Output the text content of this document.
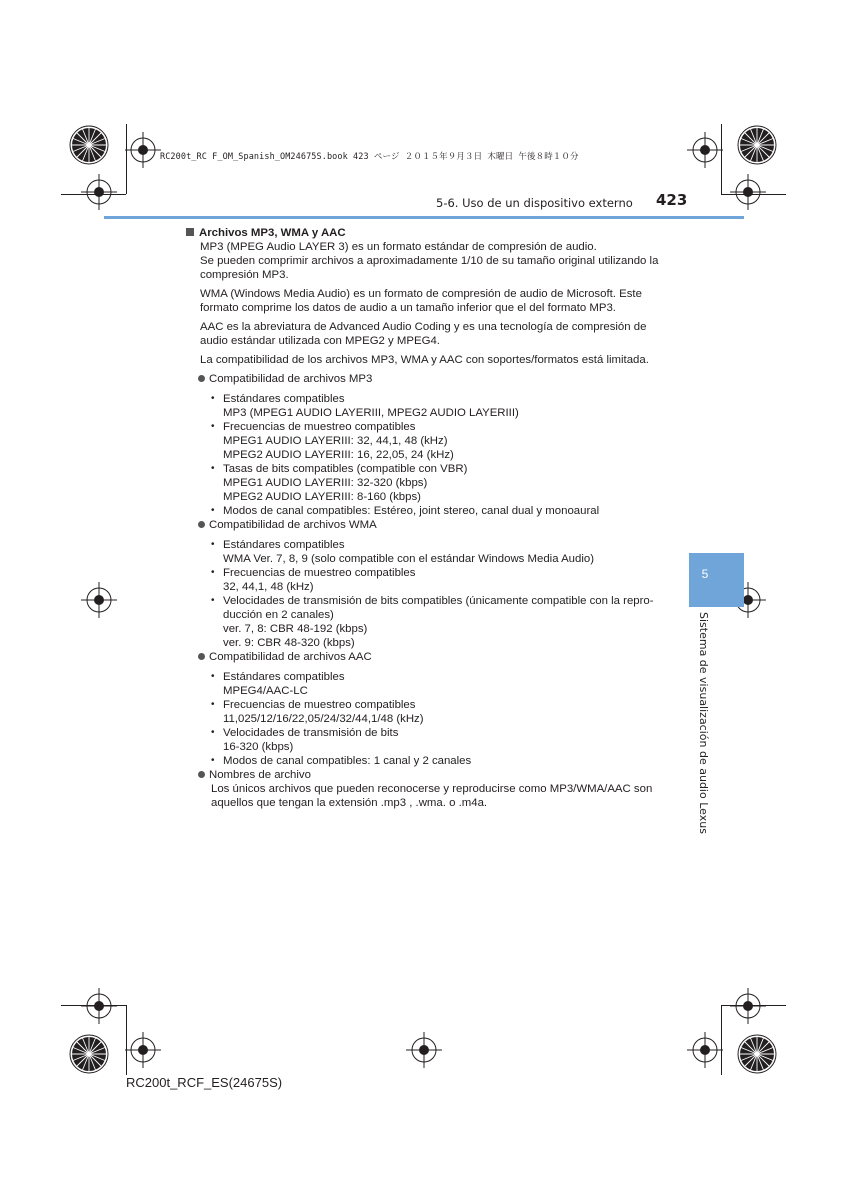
RC200t_RC F_OM_Spanish_OM24675S.book 423 ページ ２０１５年９月３日 木曜日 午後８時１０分
5-6. Uso de un dispositivo externo 423
5
Sistema de visualización de audio Lexus

Archivos MP3, WMA y AAC

MP3 (MPEG Audio LAYER 3) es un formato estándar de compresión de audio.
Se pueden comprimir archivos a aproximadamente 1/10 de su tamaño original utilizando la
compresión MP3.

WMA (Windows Media Audio) es un formato de compresión de audio de Microsoft. Este
formato comprime los datos de audio a un tamaño inferior que el del formato MP3.

AAC es la abreviatura de Advanced Audio Coding y es una tecnología de compresión de
audio estándar utilizada con MPEG2 y MPEG4.

La compatibilidad de los archivos MP3, WMA y AAC con soportes/formatos está limitada.

Compatibilidad de archivos MP3

• Estándares compatibles
MP3 (MPEG1 AUDIO LAYERIII, MPEG2 AUDIO LAYERIII)
• Frecuencias de muestreo compatibles
MPEG1 AUDIO LAYERIII: 32, 44,1, 48 (kHz)
MPEG2 AUDIO LAYERIII: 16, 22,05, 24 (kHz)
• Tasas de bits compatibles (compatible con VBR)
MPEG1 AUDIO LAYERIII: 32-320 (kbps)
MPEG2 AUDIO LAYERIII: 8-160 (kbps)
• Modos de canal compatibles: Estéreo, joint stereo, canal dual y monoaural

Compatibilidad de archivos WMA

• Estándares compatibles
WMA Ver. 7, 8, 9 (solo compatible con el estándar Windows Media Audio)
• Frecuencias de muestreo compatibles
32, 44,1, 48 (kHz)
• Velocidades de transmisión de bits compatibles (únicamente compatible con la repro-
ducción en 2 canales)
ver. 7, 8: CBR 48-192 (kbps)
ver. 9: CBR 48-320 (kbps)

Compatibilidad de archivos AAC

• Estándares compatibles
MPEG4/AAC-LC
• Frecuencias de muestreo compatibles
11,025/12/16/22,05/24/32/44,1/48 (kHz)
• Velocidades de transmisión de bits
16-320 (kbps)
• Modos de canal compatibles: 1 canal y 2 canales

Nombres de archivo

Los únicos archivos que pueden reconocerse y reproducirse como MP3/WMA/AAC son
aquellos que tengan la extensión .mp3 , .wma. o .m4a.

RC200t_RCF_ES(24675S)
